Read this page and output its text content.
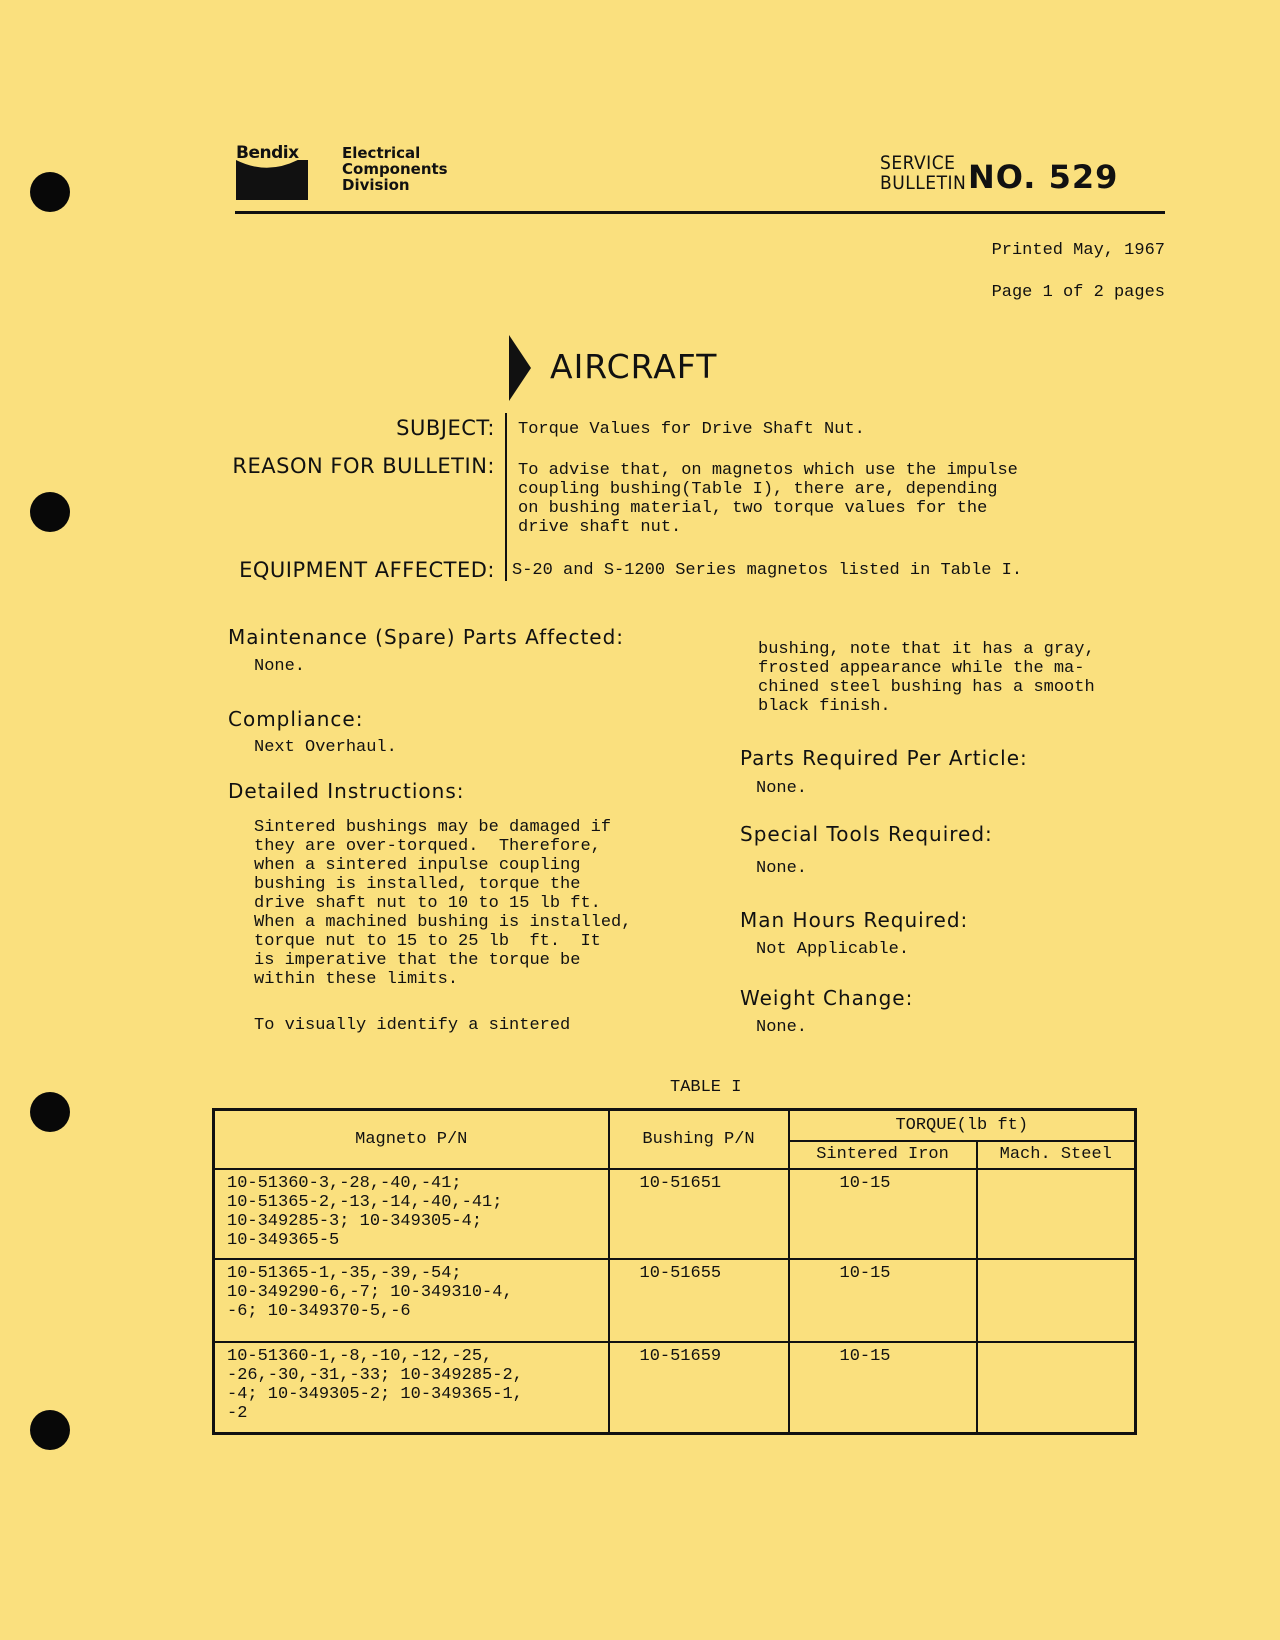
Bendix	Electrical
Components
Division
SERVICE
BULLETIN NO. 529

Printed May, 1967

Page 1 of 2 pages

AIRCRAFT
SUBJECT: Torque Values for Drive Shaft Nut.
REASON FOR BULLETIN: To advise that, on magnetos which use the impulse
coupling bushing(Table I), there are, depending
on bushing material, two torque values for the
drive shaft nut.
EQUIPMENT AFFECTED: S-20 and S-1200 Series magnetos listed in Table I.
Maintenance (Spare) Parts Affected:
None.
Compliance:
Next Overhaul.
Detailed Instructions:
Sintered bushings may be damaged if
they are over-torqued.  Therefore,
when a sintered inpulse coupling
bushing is installed, torque the
drive shaft nut to 10 to 15 lb ft.
When a machined bushing is installed,
torque nut to 15 to 25 lb  ft.  It
is imperative that the torque be
within these limits.
To visually identify a sintered
bushing, note that it has a gray,
frosted appearance while the ma-
chined steel bushing has a smooth
black finish.
Parts Required Per Article:
None.
Special Tools Required:
None.
Man Hours Required:
Not Applicable.
Weight Change:
None.
TABLE I
Magneto P/N	Bushing P/N	TORQUE(lb ft)	
		Sintered Iron	Mach. Steel
10-51360-3,-28,-40,-41;
10-51365-2,-13,-14,-40,-41;
10-349285-3; 10-349305-4;
10-349365-5	10-51651	10-15	
10-51365-1,-35,-39,-54;
10-349290-6,-7; 10-349310-4,
-6; 10-349370-5,-6	10-51655	10-15	
10-51360-1,-8,-10,-12,-25,
-26,-30,-31,-33; 10-349285-2,
-4; 10-349305-2; 10-349365-1,
-2	10-51659	10-15	
